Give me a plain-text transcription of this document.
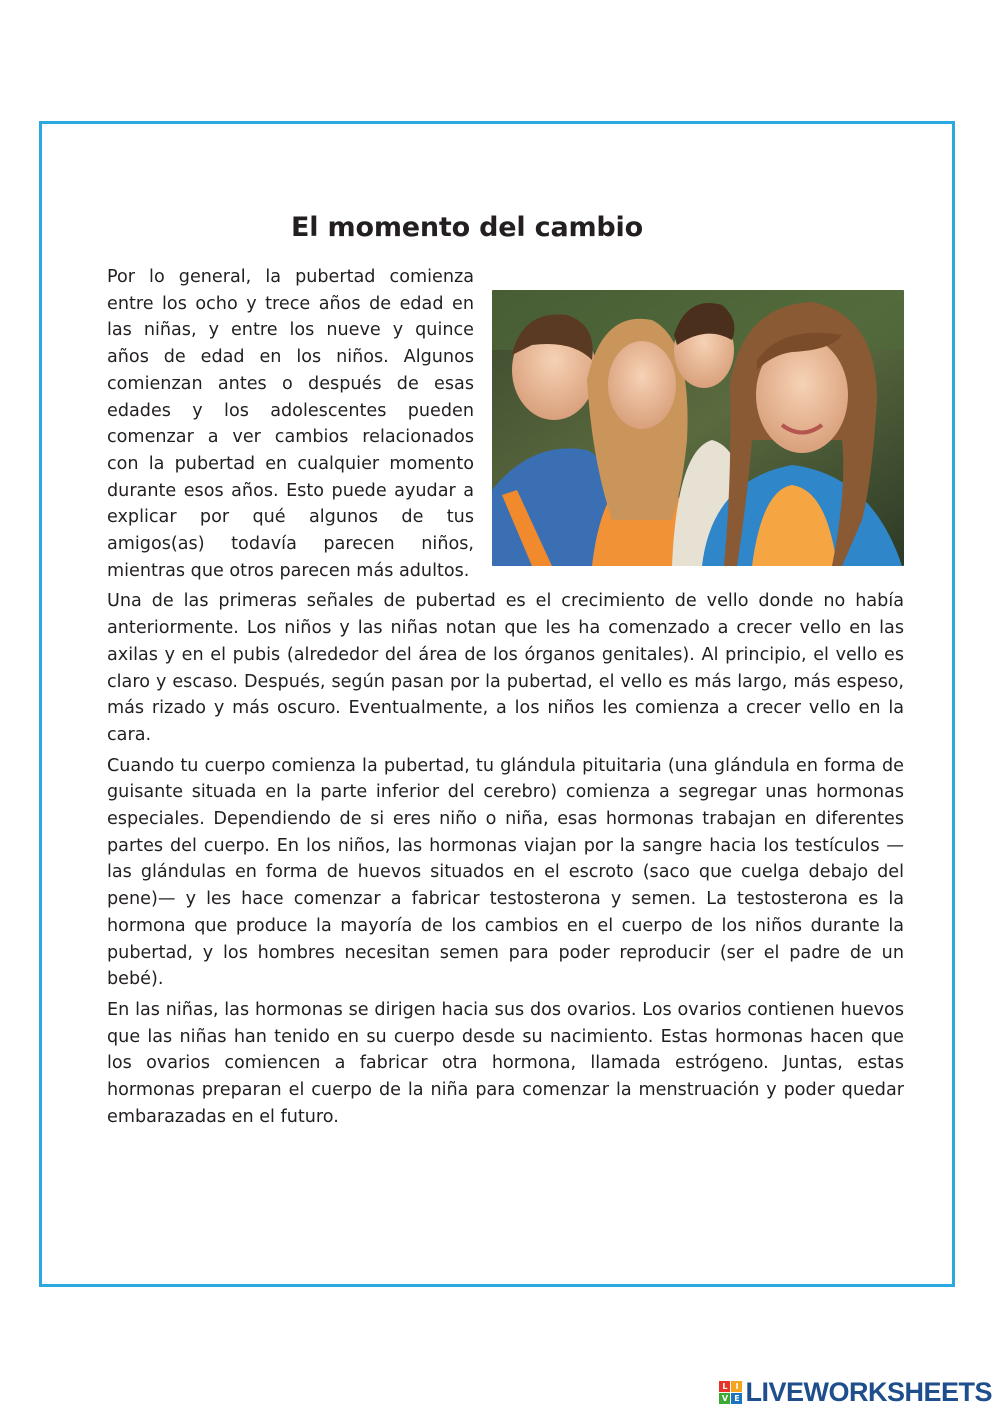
El momento del cambio

Por lo general, la pubertad comienza entre los ocho y trece años de edad en las niñas, y entre los nueve y quince años de edad en los niños. Algunos comienzan antes o después de esas edades y los adolescentes pueden comenzar a ver cambios relacionados con la pubertad en cualquier momento durante esos años. Esto puede ayudar a explicar por qué algunos de tus amigos(as) todavía parecen niños, mientras que otros parecen más adultos.

Una de las primeras señales de pubertad es el crecimiento de vello donde no había anteriormente. Los niños y las niñas notan que les ha comenzado a crecer vello en las axilas y en el pubis (alrededor del área de los órganos genitales). Al principio, el vello es claro y escaso. Después, según pasan por la pubertad, el vello es más largo, más espeso, más rizado y más oscuro. Eventualmente, a los niños les comienza a crecer vello en la cara.

Cuando tu cuerpo comienza la pubertad, tu glándula pituitaria (una glándula en forma de guisante situada en la parte inferior del cerebro) comienza a segregar unas hormonas especiales. Dependiendo de si eres niño o niña, esas hormonas trabajan en diferentes partes del cuerpo. En los niños, las hormonas viajan por la sangre hacia los testículos —las glándulas en forma de huevos situados en el escroto (saco que cuelga debajo del pene)— y les hace comenzar a fabricar testosterona y semen. La testosterona es la hormona que produce la mayoría de los cambios en el cuerpo de los niños durante la pubertad, y los hombres necesitan semen para poder reproducir (ser el padre de un bebé).

En las niñas, las hormonas se dirigen hacia sus dos ovarios. Los ovarios contienen huevos que las niñas han tenido en su cuerpo desde su nacimiento. Estas hormonas hacen que los ovarios comiencen a fabricar otra hormona, llamada estrógeno. Juntas, estas hormonas preparan el cuerpo de la niña para comenzar la menstruación y poder quedar embarazadas en el futuro.

L I
V E LIVEWORKSHEETS
